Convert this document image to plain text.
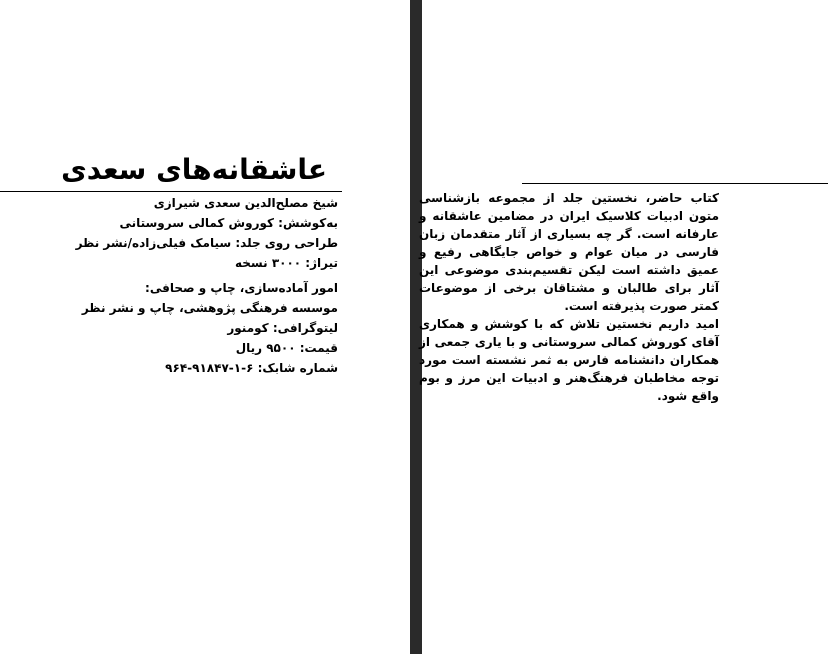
عاشقانه‌های سعدی
شیخ مصلح‌الدین سعدی شیرازی
به‌کوشش: کوروش کمالی سروستانی
طراحی روی جلد: سیامک فیلی‌زاده/نشر نظر
تیراژ: ۳۰۰۰ نسخه
امور آماده‌سازی، چاپ و صحافی:
موسسه فرهنگی پژوهشی، چاپ و نشر نظر
لیتوگرافی: کومنور
قیمت: ۹۵۰۰ ریال
شماره شابک: ۶-۱-۹۱۸۴۷-۹۶۴

کتاب حاضر، نخستین جلد از مجموعه بازشناسی متون ادبیات کلاسیک ایران در مضامین عاشقانه و عارفانه است. گر چه بسیاری از آثار متقدمان زبان فارسی در میان عوام و خواص جایگاهی رفیع و عمیق داشته است لیکن تقسیم‌بندی موضوعی این آثار برای طالبان و مشتاقان برخی از موضوعات کمتر صورت پذیرفته است.

امید داریم نخستین تلاش که با کوشش و همکاری آقای کوروش کمالی سروستانی و با یاری جمعی از همکاران دانشنامه فارس به ثمر نشسته است مورد توجه مخاطبان فرهنگ‌هنر و ادبیات این مرز و بوم واقع شود.
